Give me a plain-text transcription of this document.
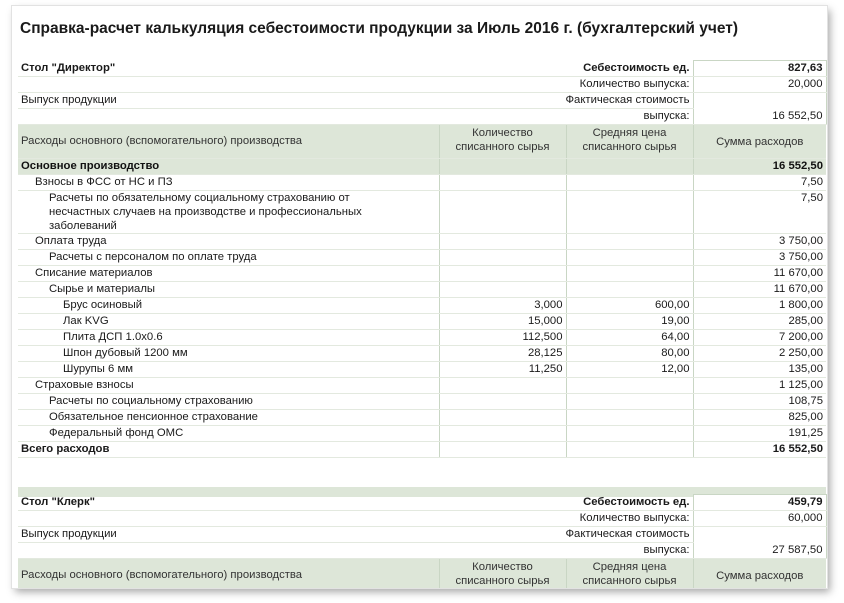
Справка-расчет калькуляция себестоимости продукции за Июль 2016 г. (бухгалтерский учет)
Стол "Директор"	Себестоимость ед.		827,63
	Количество выпуска:		20,000
Выпуск продукции	Фактическая стоимость		
	выпуска:		16 552,50
Расходы основного (вспомогательного) производства	Количество списанного сырья	Средняя цена списанного сырья	Сумма расходов
Основное производство			16 552,50
Взносы в ФСС от НС и ПЗ			7,50
Расчеты по обязательному социальному страхованию от несчастных случаев на производстве и профессиональных заболеваний			7,50
Оплата труда			3 750,00
Расчеты с персоналом по оплате труда			3 750,00
Списание материалов			11 670,00
Сырье и материалы			11 670,00
Брус осиновый	3,000	600,00	1 800,00
Лак KVG	15,000	19,00	285,00
Плита ДСП 1.0x0.6	112,500	64,00	7 200,00
Шпон дубовый 1200 мм	28,125	80,00	2 250,00
Шурупы 6 мм	11,250	12,00	135,00
Страховые взносы			1 125,00
Расчеты по социальному страхованию			108,75
Обязательное пенсионное страхование			825,00
Федеральный фонд ОМС			191,25
Всего расходов			16 552,50
Стол "Клерк"	Себестоимость ед.		459,79
	Количество выпуска:		60,000
Выпуск продукции	Фактическая стоимость		
	выпуска:		27 587,50
Расходы основного (вспомогательного) производства	Количество списанного сырья	Средняя цена списанного сырья	Сумма расходов
